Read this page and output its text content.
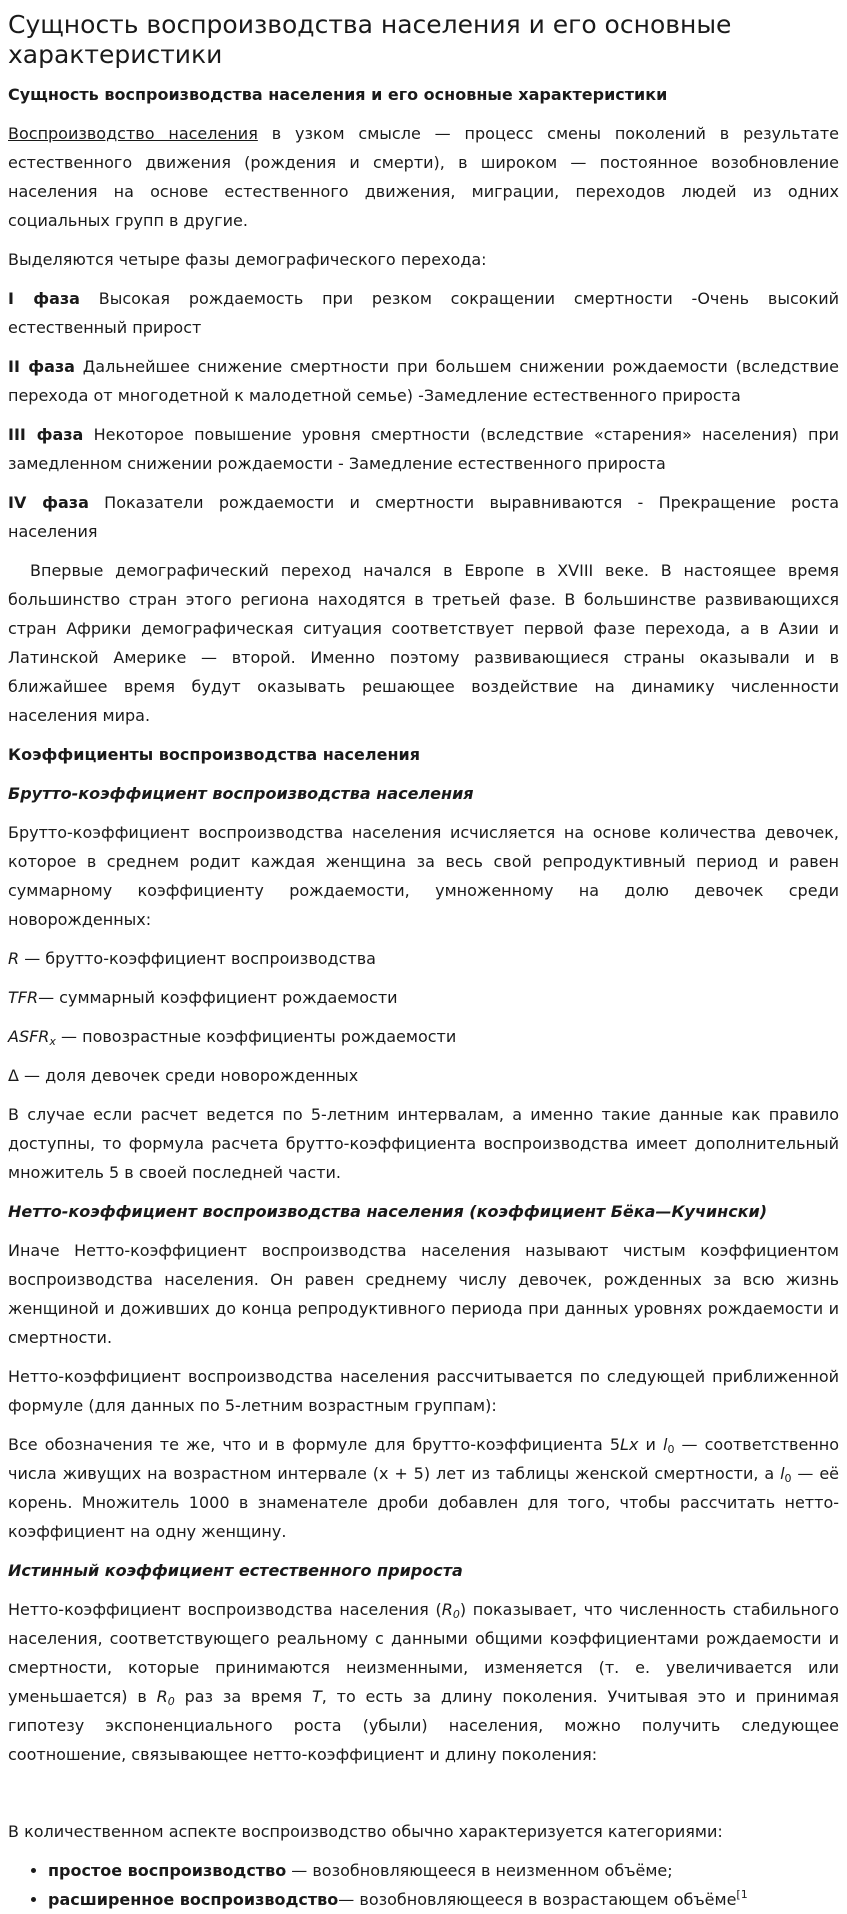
Сущность воспроизводства населения и его основные характеристики

Сущность воспроизводства населения и его основные характеристики

Воспроизводство населения в узком смысле — процесс смены поколений в результате естественного движения (рождения и смерти), в широком — постоянное возобновление населения на основе естественного движения, миграции, переходов людей из одних социальных групп в другие.

Выделяются четыре фазы демографического перехода:

I фаза Высокая рождаемость при резком сокращении смертности -Очень высокий естественный прирост

II фаза Дальнейшее снижение смертности при большем снижении рождаемости (вследствие перехода от многодетной к малодетной семье) -Замедление естественного прироста

III фаза Некоторое повышение уровня смертности (вследствие «старения» населения) при замедленном снижении рождаемости - Замедление естественного прироста

IV фаза Показатели рождаемости и смертности выравниваются - Прекращение роста населения

Впервые демографический переход начался в Европе в XVIII веке. В настоящее время большинство стран этого региона находятся в третьей фазе. В большинстве развивающихся стран Африки демографическая ситуация соответствует первой фазе перехода, а в Азии и Латинской Америке — второй. Именно поэтому развивающиеся страны оказывали и в ближайшее время будут оказывать решающее воздействие на динамику численности населения мира.

Коэффициенты воспроизводства населения

Брутто-коэффициент воспроизводства населения

Брутто-коэффициент воспроизводства населения исчисляется на основе количества девочек, которое в среднем родит каждая женщина за весь свой репродуктивный период и равен суммарному коэффициенту рождаемости, умноженному на долю девочек среди новорожденных:

R — брутто-коэффициент воспроизводства

TFR— суммарный коэффициент рождаемости

$ASFR_x$ — повозрастные коэффициенты рождаемости

Δ — доля девочек среди новорожденных

В случае если расчет ведется по 5-летним интервалам, а именно такие данные как правило доступны, то формула расчета брутто-коэффициента воспроизводства имеет дополнительный множитель 5 в своей последней части.

Нетто-коэффициент воспроизводства населения (коэффициент Бёка—Кучински)

Иначе Нетто-коэффициент воспроизводства населения называют чистым коэффициентом воспроизводства населения. Он равен среднему числу девочек, рожденных за всю жизнь женщиной и доживших до конца репродуктивного периода при данных уровнях рождаемости и смертности.

Нетто-коэффициент воспроизводства населения рассчитывается по следующей приближенной формуле (для данных по 5-летним возрастным группам):

Все обозначения те же, что и в формуле для брутто-коэффициента 5Lx и $l_0$ — соответственно числа живущих на возрастном интервале (x + 5) лет из таблицы женской смертности, а $l_0$ — её корень. Множитель 1000 в знаменателе дроби добавлен для того, чтобы рассчитать нетто-коэффициент на одну женщину.

Истинный коэффициент естественного прироста

Нетто-коэффициент воспроизводства населения $(R_0)$ показывает, что численность стабильного населения, соответствующего реальному с данными общими коэффициентами рождаемости и смертности, которые принимаются неизменными, изменяется (т. е. увеличивается или уменьшается) в $R_0$ раз за время T, то есть за длину поколения. Учитывая это и принимая гипотезу экспоненциального роста (убыли) населения, можно получить следующее соотношение, связывающее нетто-коэффициент и длину поколения:

В количественном аспекте воспроизводство обычно характеризуется категориями:

• простое воспроизводство — возобновляющееся в неизменном объёме;
• расширенное воспроизводство— возобновляющееся в возрастающем объёме$^{[1}$
